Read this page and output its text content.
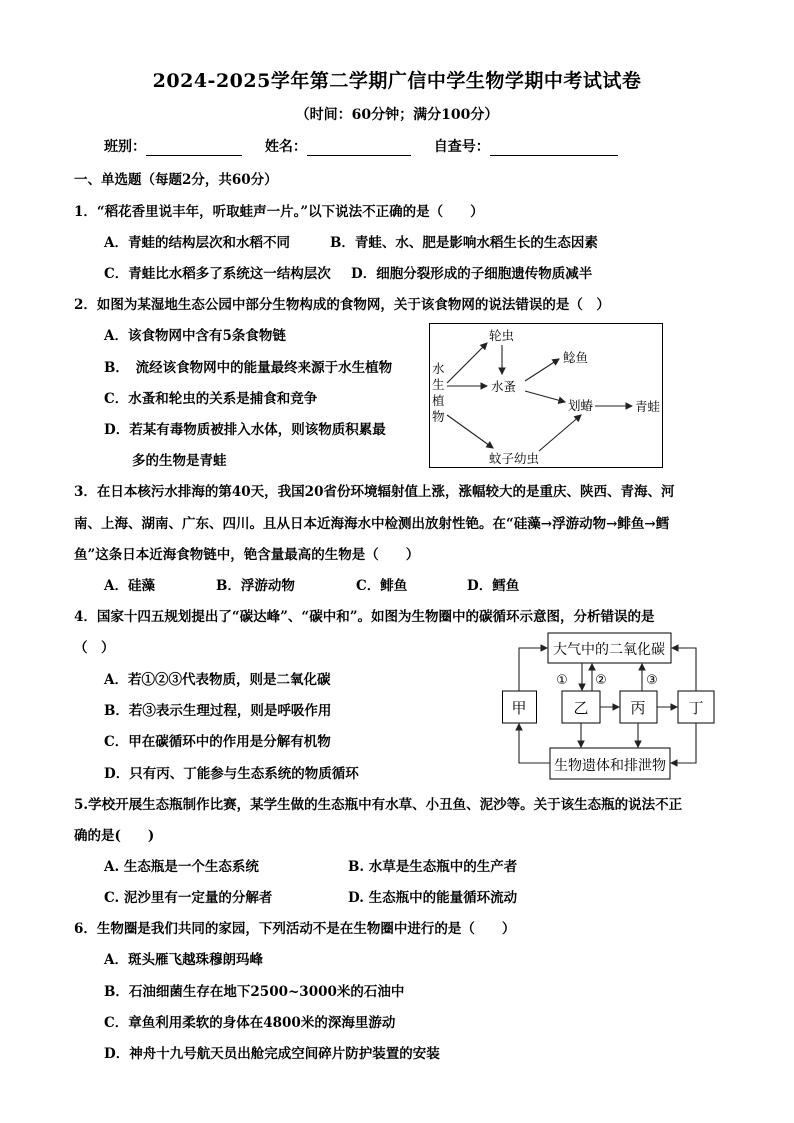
2024-2025学年第二学期广信中学生物学期中考试试卷
（时间：60分钟；满分100分）
班别：	姓名：	自查号：
一、单选题（每题2分，共60分）
1．“稻花香里说丰年，听取蛙声一片。”以下说法不正确的是（　　）
A．青蛙的结构层次和水稻不同	B．青蛙、水、肥是影响水稻生长的生态因素
C．青蛙比水稻多了系统这一结构层次 D．细胞分裂形成的子细胞遗传物质减半
2．如图为某湿地生态公园中部分生物构成的食物网，关于该食物网的说法错误的是（　）
A．该食物网中含有5条食物链
B．　流经该食物网中的能量最终来源于水生植物
C．水蚤和轮虫的关系是捕食和竞争
D．若某有毒物质被排入水体，则该物质积累最
多的生物是青蛙
水
生
植
物
轮虫
水蚤
鲶鱼
划蝽	青蛙
蚊子幼虫
3．在日本核污水排海的第40天，我国20省份环境辐射值上涨，涨幅较大的是重庆、陕西、青海、河
南、上海、湖南、广东、四川。且从日本近海海水中检测出放射性铯。在“硅藻→浮游动物→鲱鱼→鳕
鱼”这条日本近海食物链中，铯含量最高的生物是（　　）
A．硅藻	B．浮游动物	C．鲱鱼	D．鳕鱼
4．国家十四五规划提出了“碳达峰”、“碳中和”。如图为生物圈中的碳循环示意图，分析错误的是
（　）
A．若①②③代表物质，则是二氧化碳
B．若③表示生理过程，则是呼吸作用
C．甲在碳循环中的作用是分解有机物
D．只有丙、丁能参与生态系统的物质循环
大气中的二氧化碳
甲	乙	丙	丁
生物遗体和排泄物
① ②	③
5.学校开展生态瓶制作比赛，某学生做的生态瓶中有水草、小丑鱼、泥沙等。关于该生态瓶的说法不正
确的是(　　)
A. 生态瓶是一个生态系统	B. 水草是生态瓶中的生产者
C. 泥沙里有一定量的分解者	D. 生态瓶中的能量循环流动
6．生物圈是我们共同的家园，下列活动不是在生物圈中进行的是（　　）
A．斑头雁飞越珠穆朗玛峰
B．石油细菌生存在地下2500~3000米的石油中
C．章鱼利用柔软的身体在4800米的深海里游动
D．神舟十九号航天员出舱完成空间碎片防护装置的安装
